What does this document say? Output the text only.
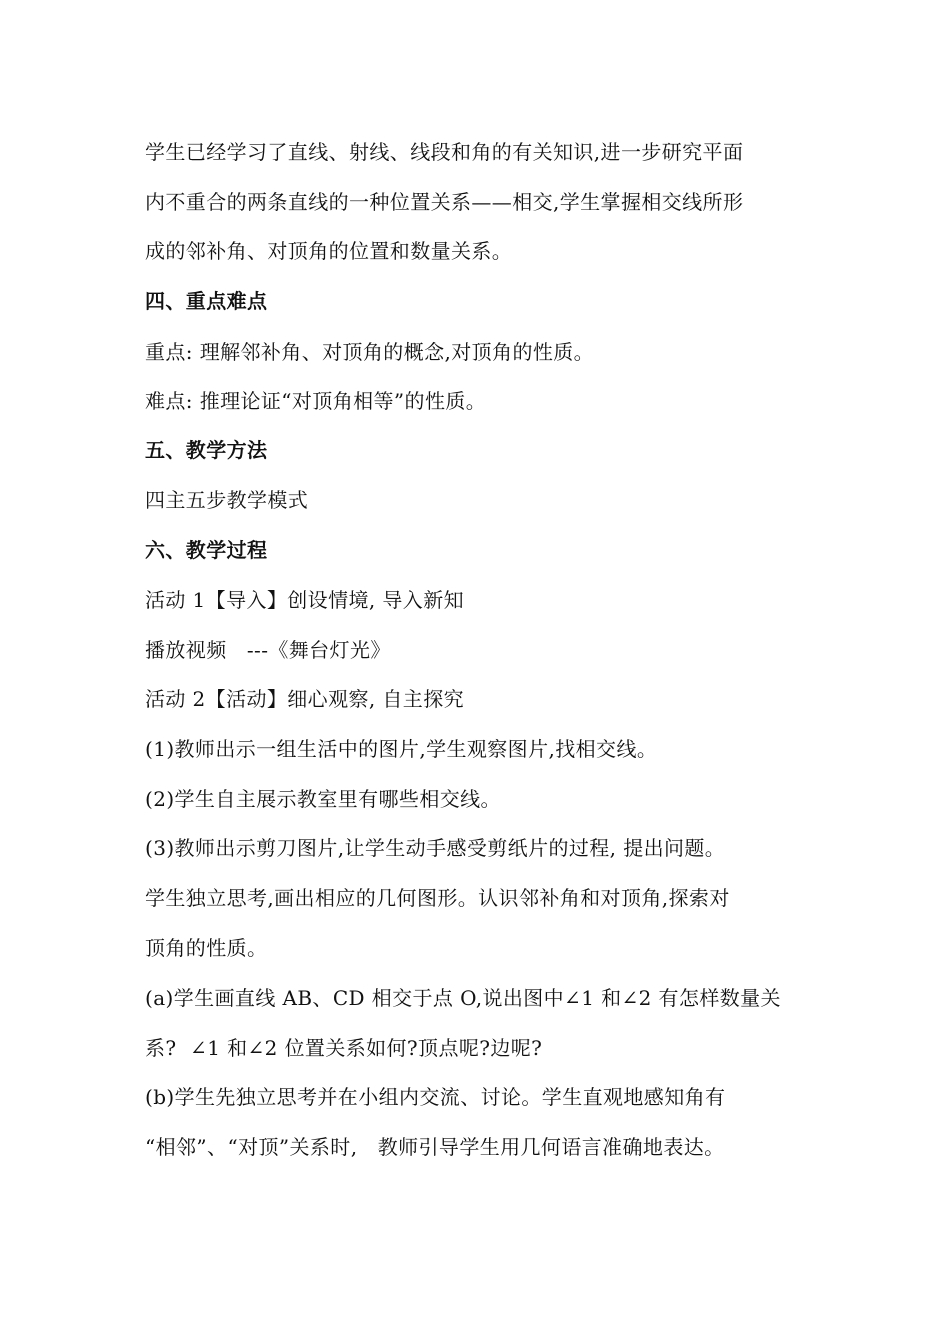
学生已经学习了直线、射线、线段和角的有关知识,进一步研究平面
内不重合的两条直线的一种位置关系——相交,学生掌握相交线所形
成的邻补角、对顶角的位置和数量关系。
四、重点难点
重点: 理解邻补角、对顶角的概念,对顶角的性质。
难点: 推理论证“对顶角相等”的性质。
五、教学方法
四主五步教学模式
六、教学过程
活动 1【导入】创设情境, 导入新知
播放视频   ---《舞台灯光》
活动 2【活动】细心观察, 自主探究
(1)教师出示一组生活中的图片,学生观察图片,找相交线。
(2)学生自主展示教室里有哪些相交线。
(3)教师出示剪刀图片,让学生动手感受剪纸片的过程, 提出问题。
学生独立思考,画出相应的几何图形。认识邻补角和对顶角,探索对
顶角的性质。
(a)学生画直线 AB、CD 相交于点 O,说出图中∠1 和∠2 有怎样数量关
系?  ∠1 和∠2 位置关系如何?顶点呢?边呢?
(b)学生先独立思考并在小组内交流、讨论。学生直观地感知角有
“相邻”、“对顶”关系时,   教师引导学生用几何语言准确地表达。
